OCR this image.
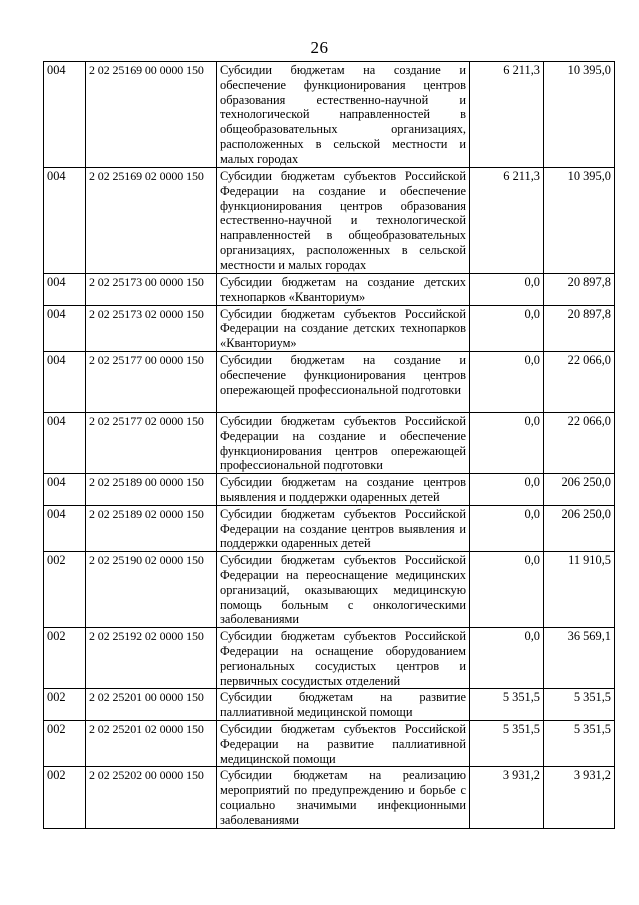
26
004	2 02 25169 00 0000 150	Субсидии бюджетам на создание и обеспечение функционирования центров образования естественно-научной и технологической направленностей в общеобразовательных организациях, расположенных в сельской местности и малых городах	6 211,3	10 395,0
004	2 02 25169 02 0000 150	Субсидии бюджетам субъектов Российской Федерации на создание и обеспечение функционирования центров образования естественно-научной и технологической направленностей в общеобразовательных организациях, расположенных в сельской местности и малых городах	6 211,3	10 395,0
004	2 02 25173 00 0000 150	Субсидии бюджетам на создание детских технопарков «Кванториум»	0,0	20 897,8
004	2 02 25173 02 0000 150	Субсидии бюджетам субъектов Российской Федерации на создание детских технопарков «Кванториум»	0,0	20 897,8
004	2 02 25177 00 0000 150	Субсидии бюджетам на создание и обеспечение функционирования центров опережающей профессиональной подготовки	0,0	22 066,0
004	2 02 25177 02 0000 150	Субсидии бюджетам субъектов Российской Федерации на создание и обеспечение функционирования центров опережающей профессиональной подготовки	0,0	22 066,0
004	2 02 25189 00 0000 150	Субсидии бюджетам на создание центров выявления и поддержки одаренных детей	0,0	206 250,0
004	2 02 25189 02 0000 150	Субсидии бюджетам субъектов Российской Федерации на создание центров выявления и поддержки одаренных детей	0,0	206 250,0
002	2 02 25190 02 0000 150	Субсидии бюджетам субъектов Российской Федерации на переоснащение медицинских организаций, оказывающих медицинскую помощь больным с онкологическими заболеваниями	0,0	11 910,5
002	2 02 25192 02 0000 150	Субсидии бюджетам субъектов Российской Федерации на оснащение оборудованием региональных сосудистых центров и первичных сосудистых отделений	0,0	36 569,1
002	2 02 25201 00 0000 150	Субсидии бюджетам на развитие паллиативной медицинской помощи	5 351,5	5 351,5
002	2 02 25201 02 0000 150	Субсидии бюджетам субъектов Российской Федерации на развитие паллиативной медицинской помощи	5 351,5	5 351,5
002	2 02 25202 00 0000 150	Субсидии бюджетам на реализацию мероприятий по предупреждению и борьбе с социально значимыми инфекционными заболеваниями	3 931,2	3 931,2
